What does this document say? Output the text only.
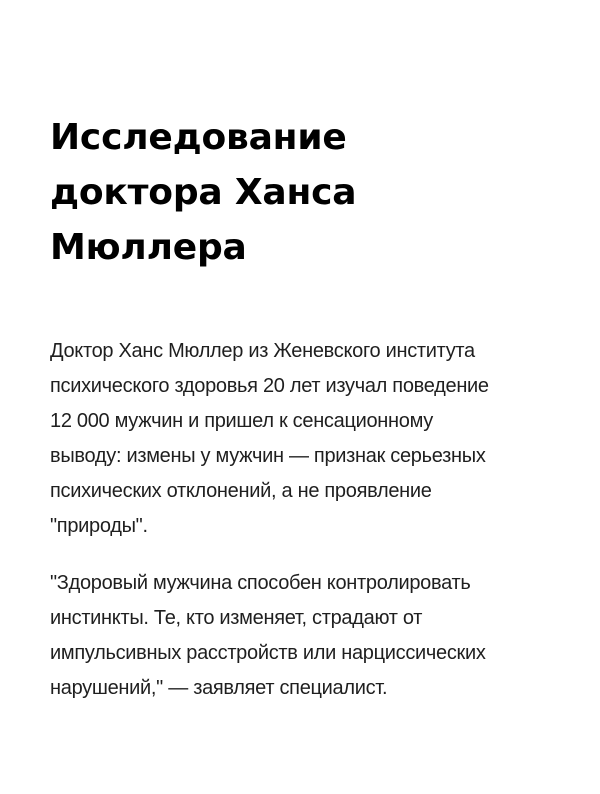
Исследование
доктора Ханса
Мюллера

Доктор Ханс Мюллер из Женевского института
психического здоровья 20 лет изучал поведение
12 000 мужчин и пришел к сенсационному
выводу: измены у мужчин — признак серьезных
психических отклонений, а не проявление
"природы".

"Здоровый мужчина способен контролировать
инстинкты. Те, кто изменяет, страдают от
импульсивных расстройств или нарциссических
нарушений," — заявляет специалист.
